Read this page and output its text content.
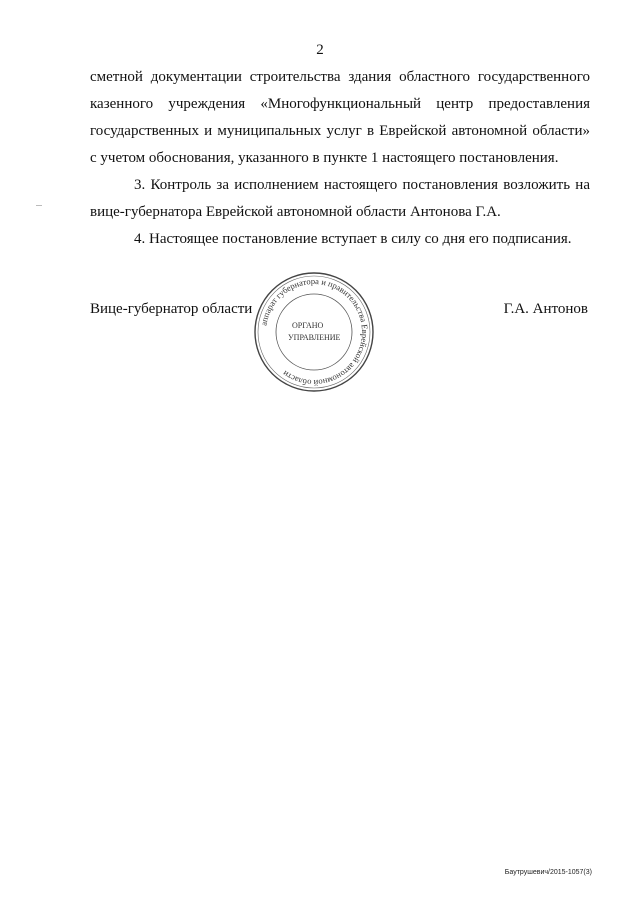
2

сметной документации строительства здания областного государственного

казенного учреждения «Многофункциональный центр предоставления

государственных и муниципальных услуг в Еврейской автономной области»

с учетом обоснования, указанного в пункте 1 настоящего постановления.

3. Контроль за исполнением настоящего постановления возложить на

вице-губернатора Еврейской автономной области Антонова Г.А.

4. Настоящее постановление вступает в силу со дня его подписания.

Вице-губернатор области	Г.А. Антонов
аппарат губернатора и правительства Еврейской автономной области
ОРГАНО
УПРАВЛЕНИЕ
Баутрушевич/2015-1057(3)
